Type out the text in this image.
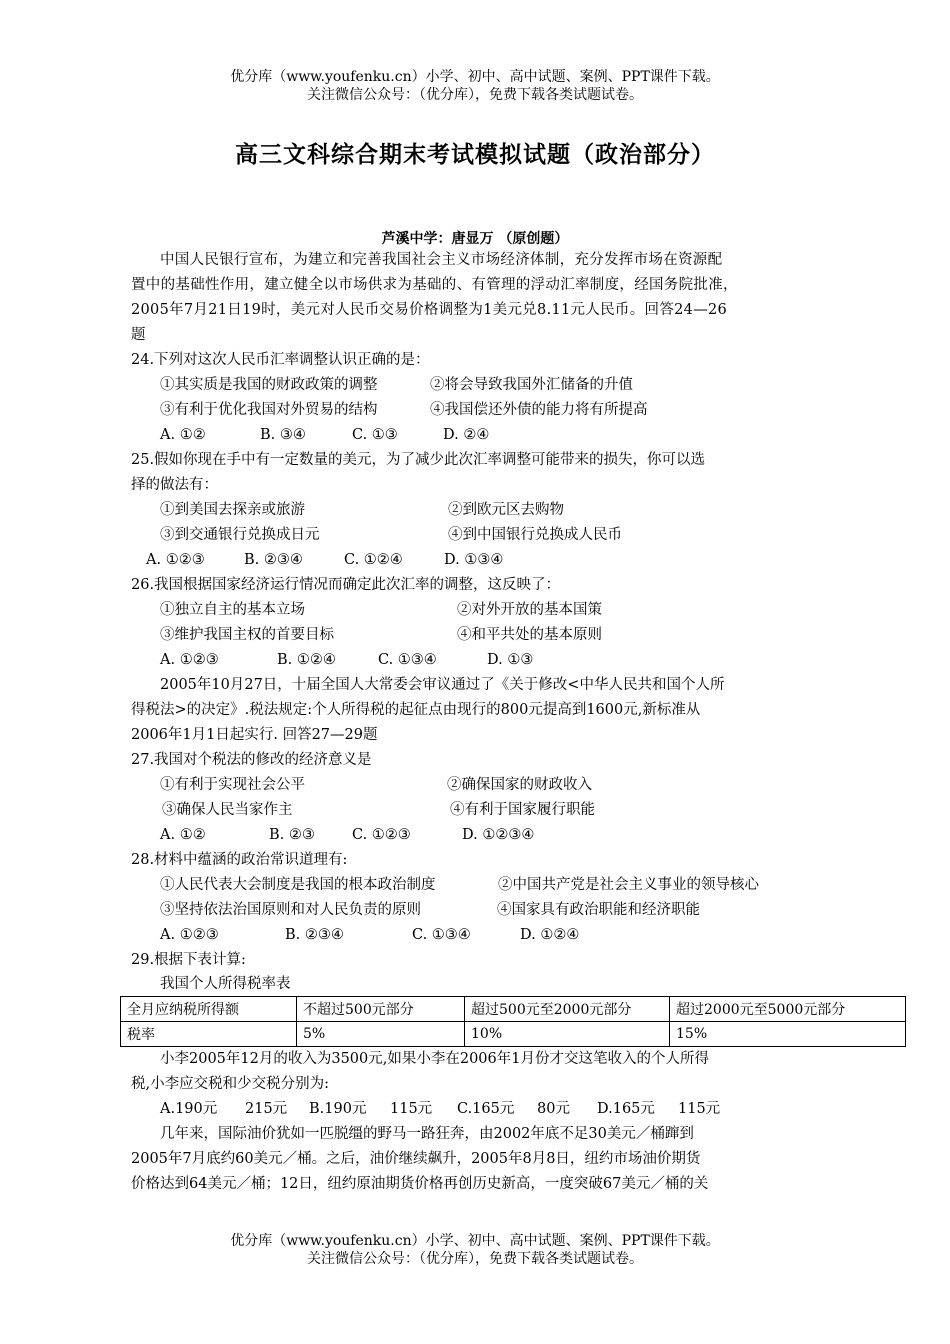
优分库（www.youfenku.cn）小学、初中、高中试题、案例、PPT课件下载。
关注微信公众号：（优分库），免费下载各类试题试卷。
高三文科综合期末考试模拟试题（政治部分）
芦溪中学：唐显万 （原创题）
中国人民银行宣布，为建立和完善我国社会主义市场经济体制，充分发挥市场在资源配
置中的基础性作用，建立健全以市场供求为基础的、有管理的浮动汇率制度，经国务院批准，
2005年7月21日19时，美元对人民币交易价格调整为1美元兑8.11元人民币。回答24—26
题
24.下列对这次人民币汇率调整认识正确的是：
①其实质是我国的财政政策的调整	②将会导致我国外汇储备的升值
③有利于优化我国对外贸易的结构	④我国偿还外债的能力将有所提高
A. ①②	B. ③④	C. ①③	D. ②④
25.假如你现在手中有一定数量的美元，为了减少此次汇率调整可能带来的损失，你可以选
择的做法有：
①到美国去探亲或旅游	②到欧元区去购物
③到交通银行兑换成日元	④到中国银行兑换成人民币
A. ①②③	B. ②③④	C. ①②④	D. ①③④
26.我国根据国家经济运行情况而确定此次汇率的调整，这反映了：
①独立自主的基本立场	②对外开放的基本国策
③维护我国主权的首要目标	④和平共处的基本原则
A. ①②③	B. ①②④	C. ①③④	D. ①③
2005年10月27日，十届全国人大常委会审议通过了《关于修改<中华人民共和国个人所
得税法>的决定》.税法规定:个人所得税的起征点由现行的800元提高到1600元,新标准从
2006年1月1日起实行. 回答27—29题
27.我国对个税法的修改的经济意义是
①有利于实现社会公平	②确保国家的财政收入
③确保人民当家作主	④有利于国家履行职能
A. ①②	B. ②③	C. ①②③	D. ①②③④
28.材料中蕴涵的政治常识道理有:
①人民代表大会制度是我国的根本政治制度	②中国共产党是社会主义事业的领导核心
③坚持依法治国原则和对人民负责的原则	④国家具有政治职能和经济职能
A. ①②③	B. ②③④	C. ①③④	D. ①②④
29.根据下表计算:
我国个人所得税率表
全月应纳税所得额	不超过500元部分	超过500元至2000元部分	超过2000元至5000元部分
税率	5%	10%	15%
小李2005年12月的收入为3500元,如果小李在2006年1月份才交这笔收入的个人所得
税,小李应交税和少交税分别为:
A.190元 215元 B.190元 115元 C.165元 80元 D.165元 115元
几年来，国际油价犹如一匹脱缰的野马一路狂奔，由2002年底不足30美元／桶蹿到
2005年7月底约60美元／桶。之后，油价继续飙升，2005年8月8日，纽约市场油价期货
价格达到64美元／桶；12日，纽约原油期货价格再创历史新高，一度突破67美元／桶的关
优分库（www.youfenku.cn）小学、初中、高中试题、案例、PPT课件下载。
关注微信公众号：（优分库），免费下载各类试题试卷。
